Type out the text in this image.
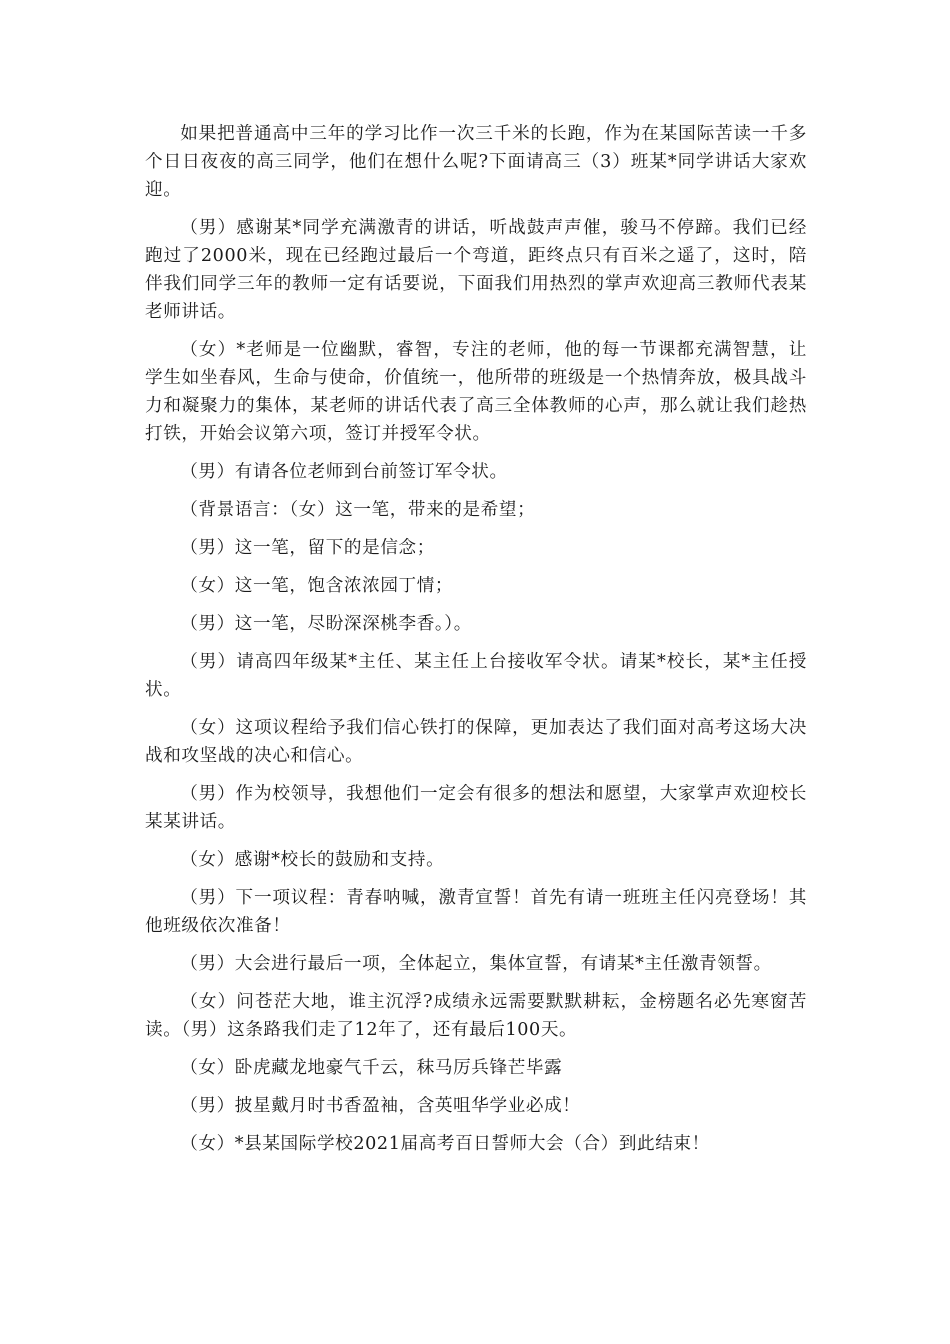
如果把普通高中三年的学习比作一次三千米的长跑，作为在某国际苦读一千多个日日夜夜的高三同学，他们在想什么呢?下面请高三（3）班某*同学讲话大家欢迎。

（男）感谢某*同学充满激青的讲话，听战鼓声声催，骏马不停蹄。我们已经跑过了2000米，现在已经跑过最后一个弯道，距终点只有百米之遥了，这时，陪伴我们同学三年的教师一定有话要说，下面我们用热烈的掌声欢迎高三教师代表某老师讲话。

（女）*老师是一位幽默，睿智，专注的老师，他的每一节课都充满智慧，让学生如坐春风，生命与使命，价值统一，他所带的班级是一个热情奔放，极具战斗力和凝聚力的集体，某老师的讲话代表了高三全体教师的心声，那么就让我们趁热打铁，开始会议第六项，签订并授军令状。

（男）有请各位老师到台前签订军令状。

（背景语言：（女）这一笔，带来的是希望；

（男）这一笔，留下的是信念；

（女）这一笔，饱含浓浓园丁情；

（男）这一笔，尽盼深深桃李香。）。

（男）请高四年级某*主任、某主任上台接收军令状。请某*校长，某*主任授状。

（女）这项议程给予我们信心铁打的保障，更加表达了我们面对高考这场大决战和攻坚战的决心和信心。

（男）作为校领导，我想他们一定会有很多的想法和愿望，大家掌声欢迎校长某某讲话。

（女）感谢*校长的鼓励和支持。

（男）下一项议程：青春呐喊，激青宣誓！首先有请一班班主任闪亮登场！其他班级依次准备！

（男）大会进行最后一项，全体起立，集体宣誓，有请某*主任激青领誓。

（女）问苍茫大地，谁主沉浮?成绩永远需要默默耕耘，金榜题名必先寒窗苦读。（男）这条路我们走了12年了，还有最后100天。

（女）卧虎藏龙地豪气千云，秣马厉兵锋芒毕露

（男）披星戴月时书香盈袖，含英咀华学业必成！

（女）*县某国际学校2021届高考百日誓师大会（合）到此结束！
